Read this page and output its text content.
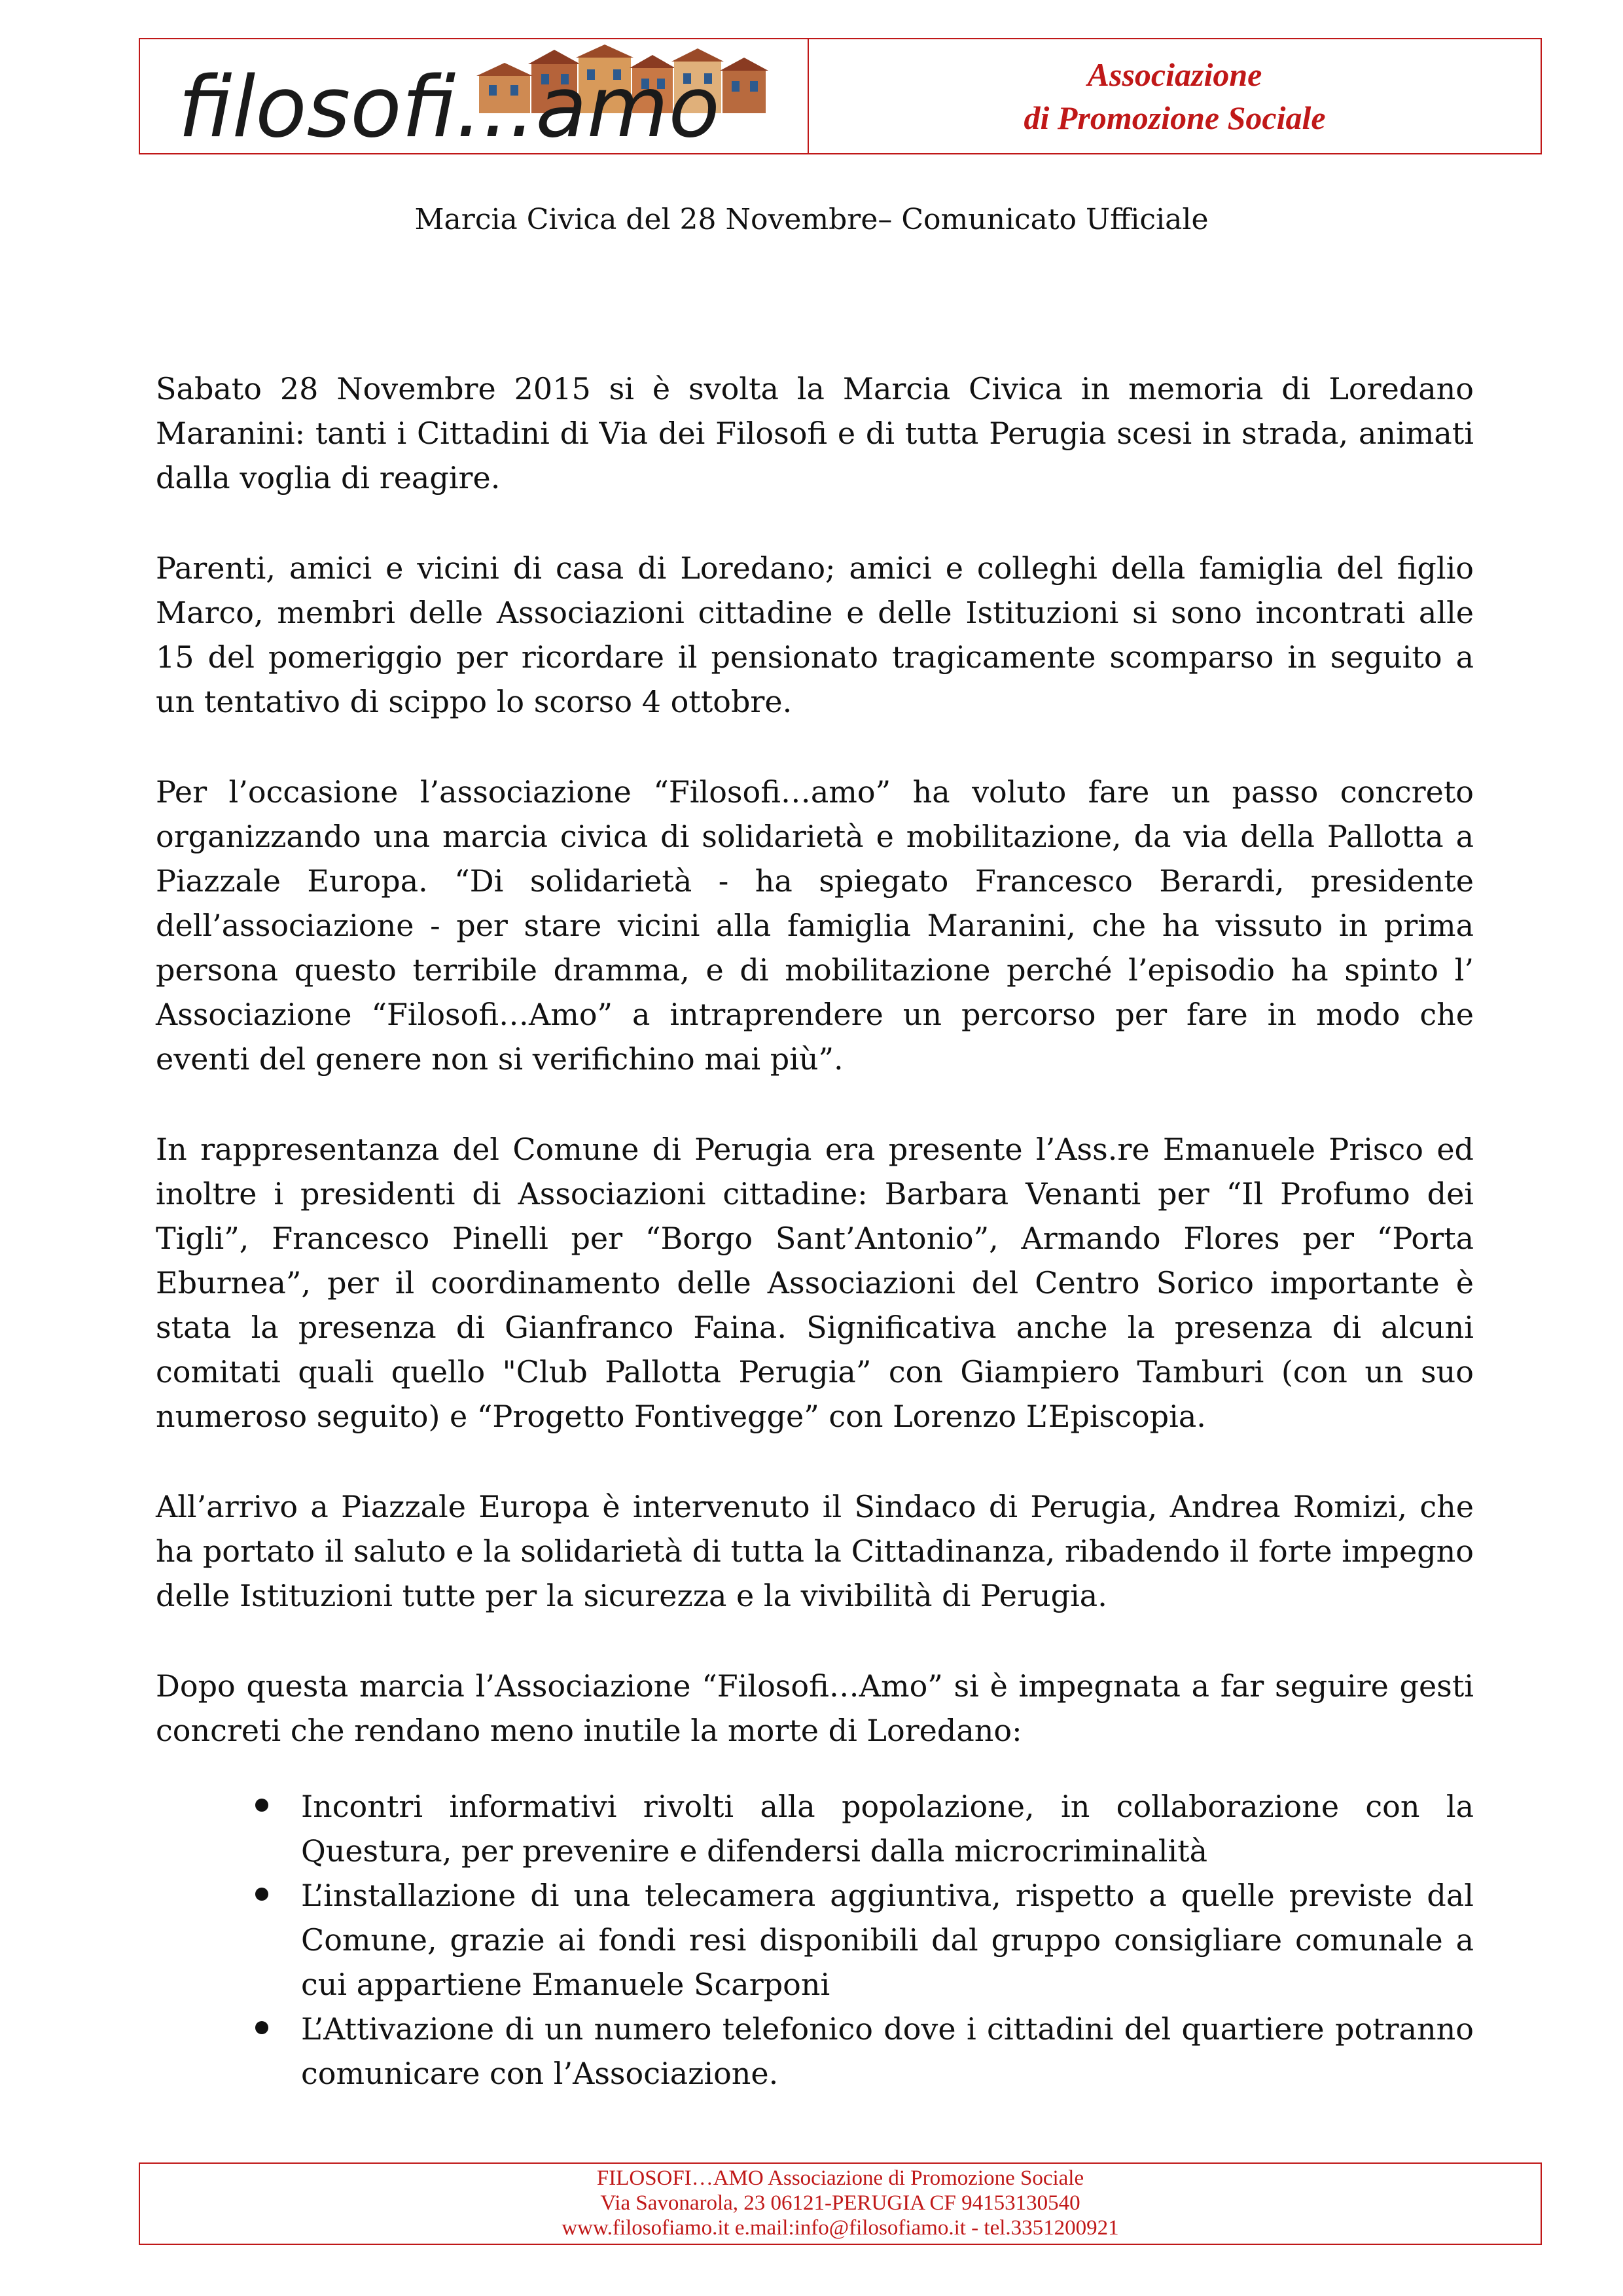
filosofi...amo	Associazione
di Promozione Sociale
Marcia Civica del 28 Novembre– Comunicato Ufficiale

Sabato 28 Novembre 2015 si è svolta la Marcia Civica in memoria di Loredano Maranini: tanti i Cittadini di Via dei Filosofi e di tutta Perugia scesi in strada, animati dalla voglia di reagire.

Parenti, amici e vicini di casa di Loredano; amici e colleghi della famiglia del figlio Marco, membri delle Associazioni cittadine e delle Istituzioni si sono incontrati alle 15 del pomeriggio per ricordare il pensionato tragicamente scomparso in seguito a un tentativo di scippo lo scorso 4 ottobre.

Per l’occasione l’associazione “Filosofi…amo” ha voluto fare un passo concreto organizzando una marcia civica di solidarietà e mobilitazione, da via della Pallotta a Piazzale Europa. “Di solidarietà - ha spiegato Francesco Berardi, presidente dell’associazione - per stare vicini alla famiglia Maranini, che ha vissuto in prima persona questo terribile dramma, e di mobilitazione perché l’episodio ha spinto l’ Associazione “Filosofi…Amo” a intraprendere un percorso per fare in modo che eventi del genere non si verifichino mai più”.

In rappresentanza del Comune di Perugia era presente l’Ass.re Emanuele Prisco ed inoltre i presidenti di Associazioni cittadine: Barbara Venanti per “Il Profumo dei Tigli”, Francesco Pinelli per “Borgo Sant’Antonio”, Armando Flores per “Porta Eburnea”, per il coordinamento delle Associazioni del Centro Sorico importante è stata la presenza di Gianfranco Faina. Significativa anche la presenza di alcuni comitati quali quello "Club Pallotta Perugia” con Giampiero Tamburi (con un suo numeroso seguito) e “Progetto Fontivegge” con Lorenzo L’Episcopia.

All’arrivo a Piazzale Europa è intervenuto il Sindaco di Perugia, Andrea Romizi, che ha portato il saluto e la solidarietà di tutta la Cittadinanza, ribadendo il forte impegno delle Istituzioni tutte per la sicurezza e la vivibilità di Perugia.

Dopo questa marcia l’Associazione “Filosofi…Amo” si è impegnata a far seguire gesti concreti che rendano meno inutile la morte di Loredano:

Incontri informativi rivolti alla popolazione, in collaborazione con la Questura, per prevenire e difendersi dalla microcriminalità
L’installazione di una telecamera aggiuntiva, rispetto a quelle previste dal Comune, grazie ai fondi resi disponibili dal gruppo consigliare comunale a cui appartiene Emanuele Scarponi
L’Attivazione di un numero telefonico dove i cittadini del quartiere potranno comunicare con l’Associazione.
FILOSOFI…AMO Associazione di Promozione Sociale
Via Savonarola, 23 06121-PERUGIA CF 94153130540
www.filosofiamo.it e.mail:info@filosofiamo.it - tel.3351200921
